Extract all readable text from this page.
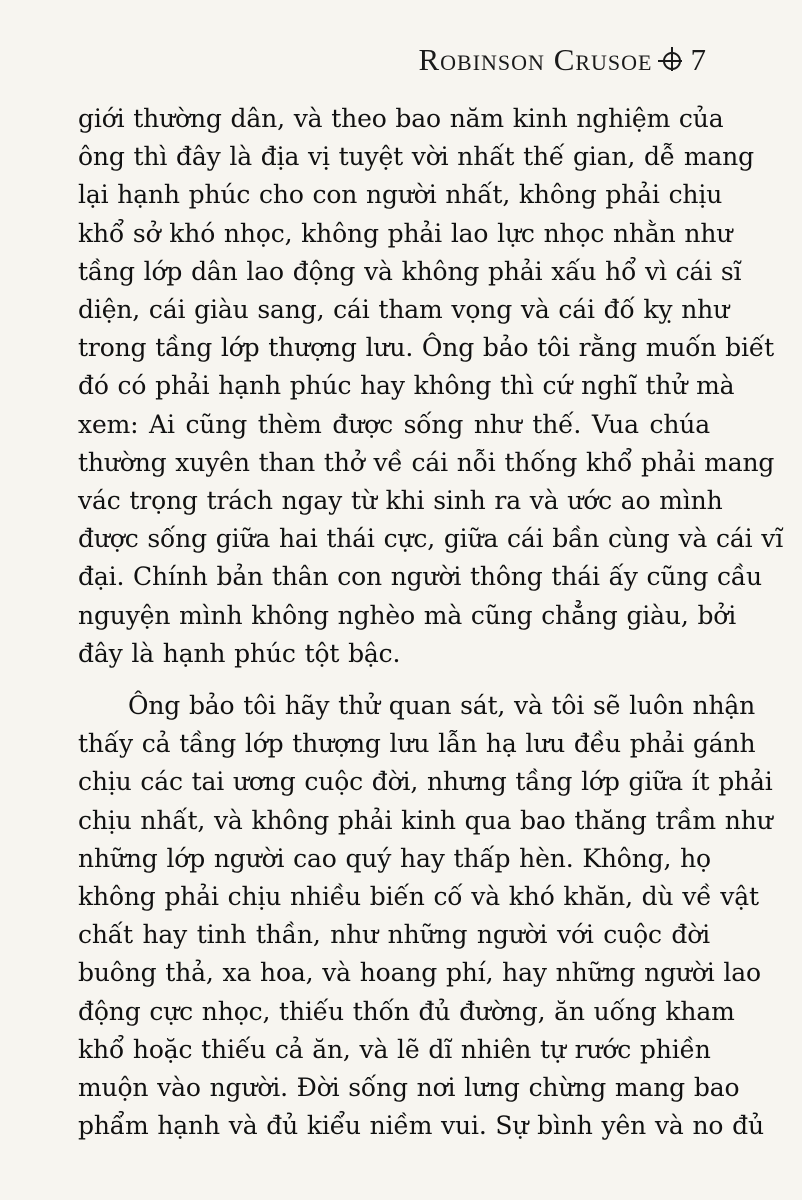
Robinson Crusoe 7

giới thường dân, và theo bao năm kinh nghiệm của
ông thì đây là địa vị tuyệt vời nhất thế gian, dễ mang
lại hạnh phúc cho con người nhất, không phải chịu
khổ sở khó nhọc, không phải lao lực nhọc nhằn như
tầng lớp dân lao động và không phải xấu hổ vì cái sĩ
diện, cái giàu sang, cái tham vọng và cái đố kỵ như
trong tầng lớp thượng lưu. Ông bảo tôi rằng muốn biết
đó có phải hạnh phúc hay không thì cứ nghĩ thử mà
xem: Ai cũng thèm được sống như thế. Vua chúa
thường xuyên than thở về cái nỗi thống khổ phải mang
vác trọng trách ngay từ khi sinh ra và ước ao mình
được sống giữa hai thái cực, giữa cái bần cùng và cái vĩ
đại. Chính bản thân con người thông thái ấy cũng cầu
nguyện mình không nghèo mà cũng chẳng giàu, bởi
đây là hạnh phúc tột bậc.

Ông bảo tôi hãy thử quan sát, và tôi sẽ luôn nhận
thấy cả tầng lớp thượng lưu lẫn hạ lưu đều phải gánh
chịu các tai ương cuộc đời, nhưng tầng lớp giữa ít phải
chịu nhất, và không phải kinh qua bao thăng trầm như
những lớp người cao quý hay thấp hèn. Không, họ
không phải chịu nhiều biến cố và khó khăn, dù về vật
chất hay tinh thần, như những người với cuộc đời
buông thả, xa hoa, và hoang phí, hay những người lao
động cực nhọc, thiếu thốn đủ đường, ăn uống kham
khổ hoặc thiếu cả ăn, và lẽ dĩ nhiên tự rước phiền
muộn vào người. Đời sống nơi lưng chừng mang bao
phẩm hạnh và đủ kiểu niềm vui. Sự bình yên và no đủ
